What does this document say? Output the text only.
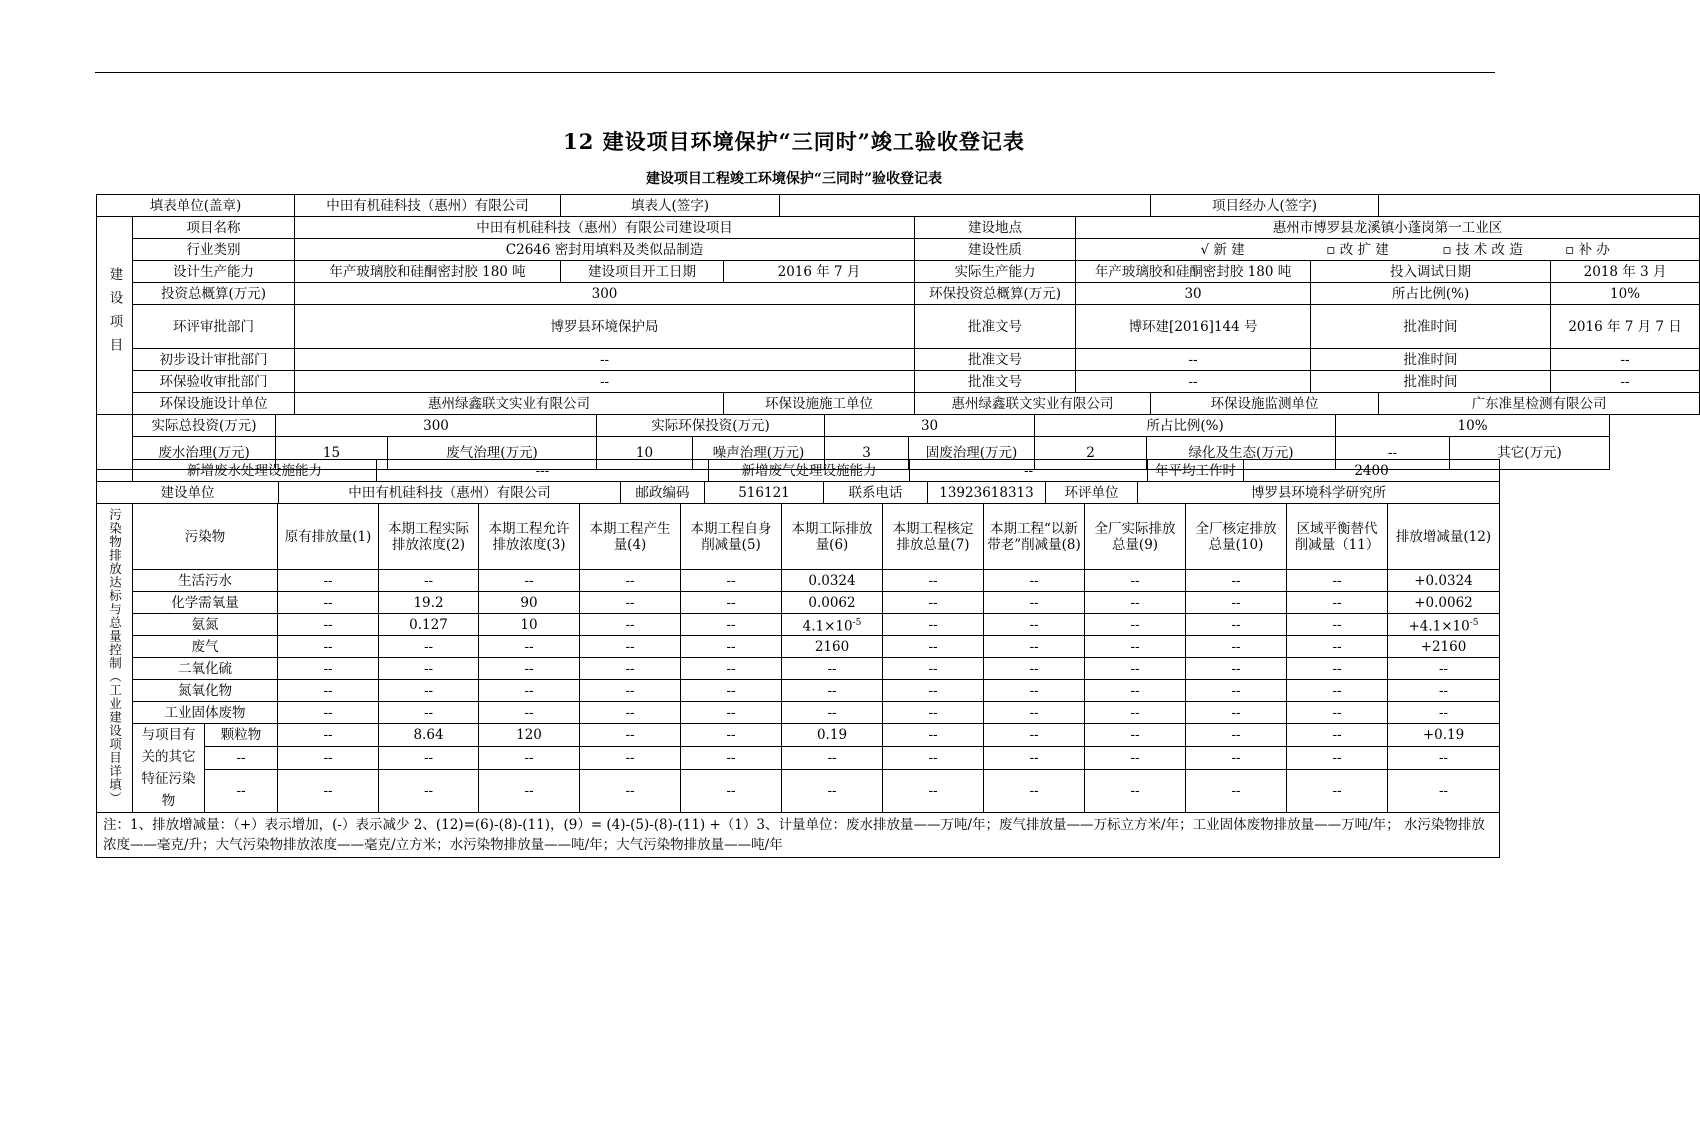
12 建设项目环境保护“三同时”竣工验收登记表
建设项目工程竣工环境保护“三同时”验收登记表
填表单位(盖章)		中田有机硅科技（惠州）有限公司	填表人(签字)					项目经办人(签字)			
建设项目	项目名称	中田有机硅科技（惠州）有限公司建设项目				建设地点	惠州市博罗县龙溪镇小蓬岗第一工业区				
	行业类别	C2646 密封用填料及类似品制造				建设性质	√ 新 建 ▫ 改 扩 建 ▫ 技 术 改 造 ▫ 补 办				
	设计生产能力	年产玻璃胶和硅酮密封胶 180 吨	建设项目开工日期	2016 年 7 月		实际生产能力	年产玻璃胶和硅酮密封胶 180 吨		投入调试日期		2018 年 3 月
	投资总概算(万元)	300				环保投资总概算(万元)	30		所占比例(%)		10%
	环评审批部门	博罗县环境保护局				批准文号	博环建[2016]144 号		批准时间		2016 年 7 月 7 日
	初步设计审批部门	--				批准文号	--		批准时间		--
	环保验收审批部门	--				批准文号	--		批准时间		--
	环保设施设计单位	惠州绿鑫联文实业有限公司		环保设施施工单位		惠州绿鑫联文实业有限公司		环保设施监测单位		广东准星检测有限公司	
	实际总投资(万元)	300		实际环保投资(万元)		30		所占比例(%)		10%		
	废水治理(万元)	15	废气治理(万元)	10	噪声治理(万元)	3	固废治理(万元)	2	绿化及生态(万元)	--	其它(万元)	
	新增废水处理设施能力	---	新增废气处理设施能力	--	年平均工作时	2400
建设单位	中田有机硅科技（惠州）有限公司	邮政编码	516121	联系电话	13923618313	环评单位	博罗县环境科学研究所
污染物排放达标与总量控制（工业建设项目详填）	污染物		原有排放量(1)	本期工程实际排放浓度(2)	本期工程允许排放浓度(3)	本期工程产生量(4)	本期工程自身削减量(5)	本期工际排放量(6)	本期工程核定排放总量(7)	本期工程“以新带老”削减量(8)	全厂实际排放总量(9)	全厂核定排放总量(10)	区域平衡替代削减量（11）	排放增减量(12)
	生活污水		--	--	--	--	--	0.0324	--	--	--	--	--	+0.0324
	化学需氧量		--	19.2	90	--	--	0.0062	--	--	--	--	--	+0.0062
	氨氮		--	0.127	10	--	--	$4.1\times 10^{-5}$	--	--	--	--	--	$+4.1\times 10^{-5}$
	废气		--	--	--	--	--	2160	--	--	--	--	--	+2160
	二氧化硫		--	--	--	--	--	--	--	--	--	--	--	--
	氮氧化物		--	--	--	--	--	--	--	--	--	--	--	--
	工业固体废物		--	--	--	--	--	--	--	--	--	--	--	--
	与项目有关的其它特征污染物	颗粒物	--	8.64	120	--	--	0.19	--	--	--	--	--	+0.19
		--	--	--	--	--	--	--	--	--	--	--	--	--
		--	--	--	--	--	--	--	--	--	--	--	--	--
注：1、排放增减量：（+）表示增加，(-）表示减少 2、(12)=(6)-(8)-(11)，(9）= (4)-(5)-(8)-(11) +（1）3、计量单位：废水排放量——万吨/年；废气排放量——万标立方米/年；工业固体废物排放量——万吨/年； 水污染物排放浓度——毫克/升；大气污染物排放浓度——毫克/立方米；水污染物排放量——吨/年；大气污染物排放量——吨/年														
